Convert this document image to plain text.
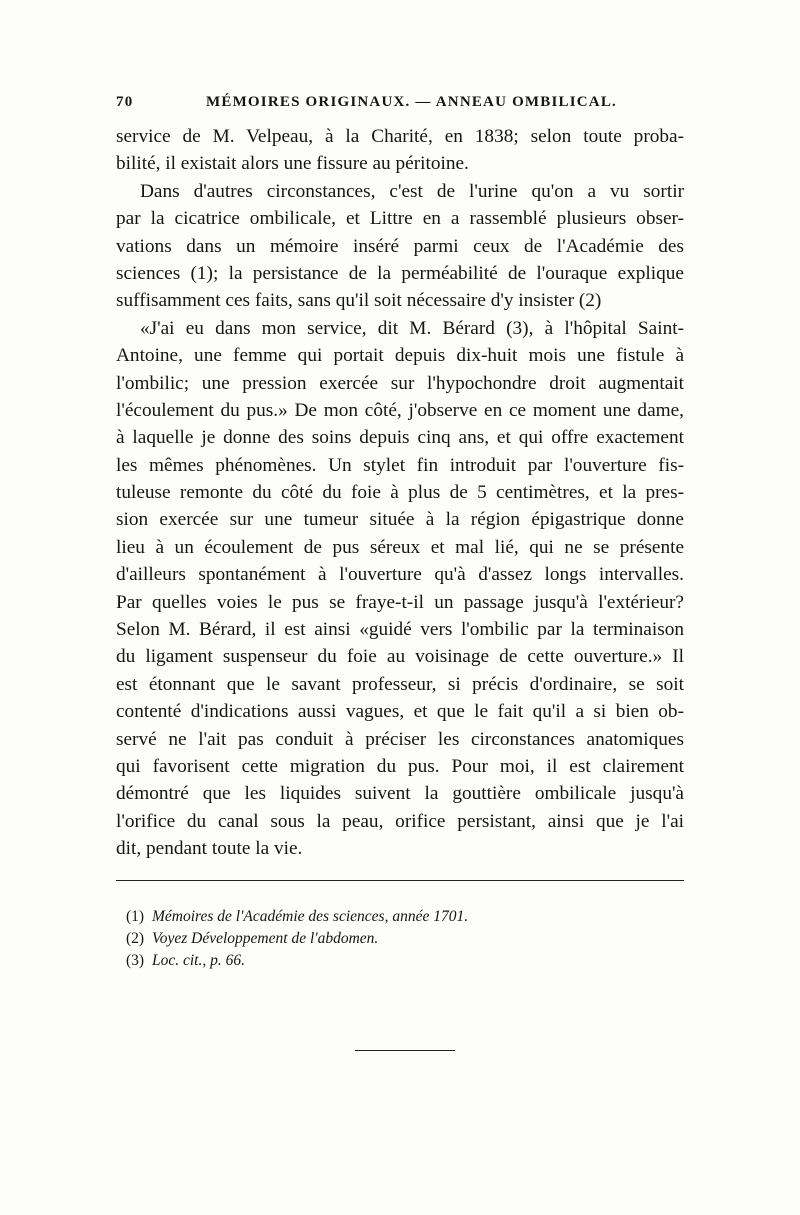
70	MÉMOIRES ORIGINAUX. — ANNEAU OMBILICAL.
service de M. Velpeau, à la Charité, en 1838; selon toute proba-
bilité, il existait alors une fissure au péritoine.
Dans d'autres circonstances, c'est de l'urine qu'on a vu sortir
par la cicatrice ombilicale, et Littre en a rassemblé plusieurs obser-
vations dans un mémoire inséré parmi ceux de l'Académie des
sciences (1); la persistance de la perméabilité de l'ouraque explique
suffisamment ces faits, sans qu'il soit nécessaire d'y insister (2)
«J'ai eu dans mon service, dit M. Bérard (3), à l'hôpital Saint-
Antoine, une femme qui portait depuis dix-huit mois une fistule à
l'ombilic; une pression exercée sur l'hypochondre droit augmentait
l'écoulement du pus.» De mon côté, j'observe en ce moment une dame,
à laquelle je donne des soins depuis cinq ans, et qui offre exactement
les mêmes phénomènes. Un stylet fin introduit par l'ouverture fis-
tuleuse remonte du côté du foie à plus de 5 centimètres, et la pres-
sion exercée sur une tumeur située à la région épigastrique donne
lieu à un écoulement de pus séreux et mal lié, qui ne se présente
d'ailleurs spontanément à l'ouverture qu'à d'assez longs intervalles.
Par quelles voies le pus se fraye-t-il un passage jusqu'à l'extérieur?
Selon M. Bérard, il est ainsi «guidé vers l'ombilic par la terminaison
du ligament suspenseur du foie au voisinage de cette ouverture.» Il
est étonnant que le savant professeur, si précis d'ordinaire, se soit
contenté d'indications aussi vagues, et que le fait qu'il a si bien ob-
servé ne l'ait pas conduit à préciser les circonstances anatomiques
qui favorisent cette migration du pus. Pour moi, il est clairement
démontré que les liquides suivent la gouttière ombilicale jusqu'à
l'orifice du canal sous la peau, orifice persistant, ainsi que je l'ai
dit, pendant toute la vie.
(1) Mémoires de l'Académie des sciences, année 1701.
(2) Voyez Développement de l'abdomen.
(3) Loc. cit., p. 66.
